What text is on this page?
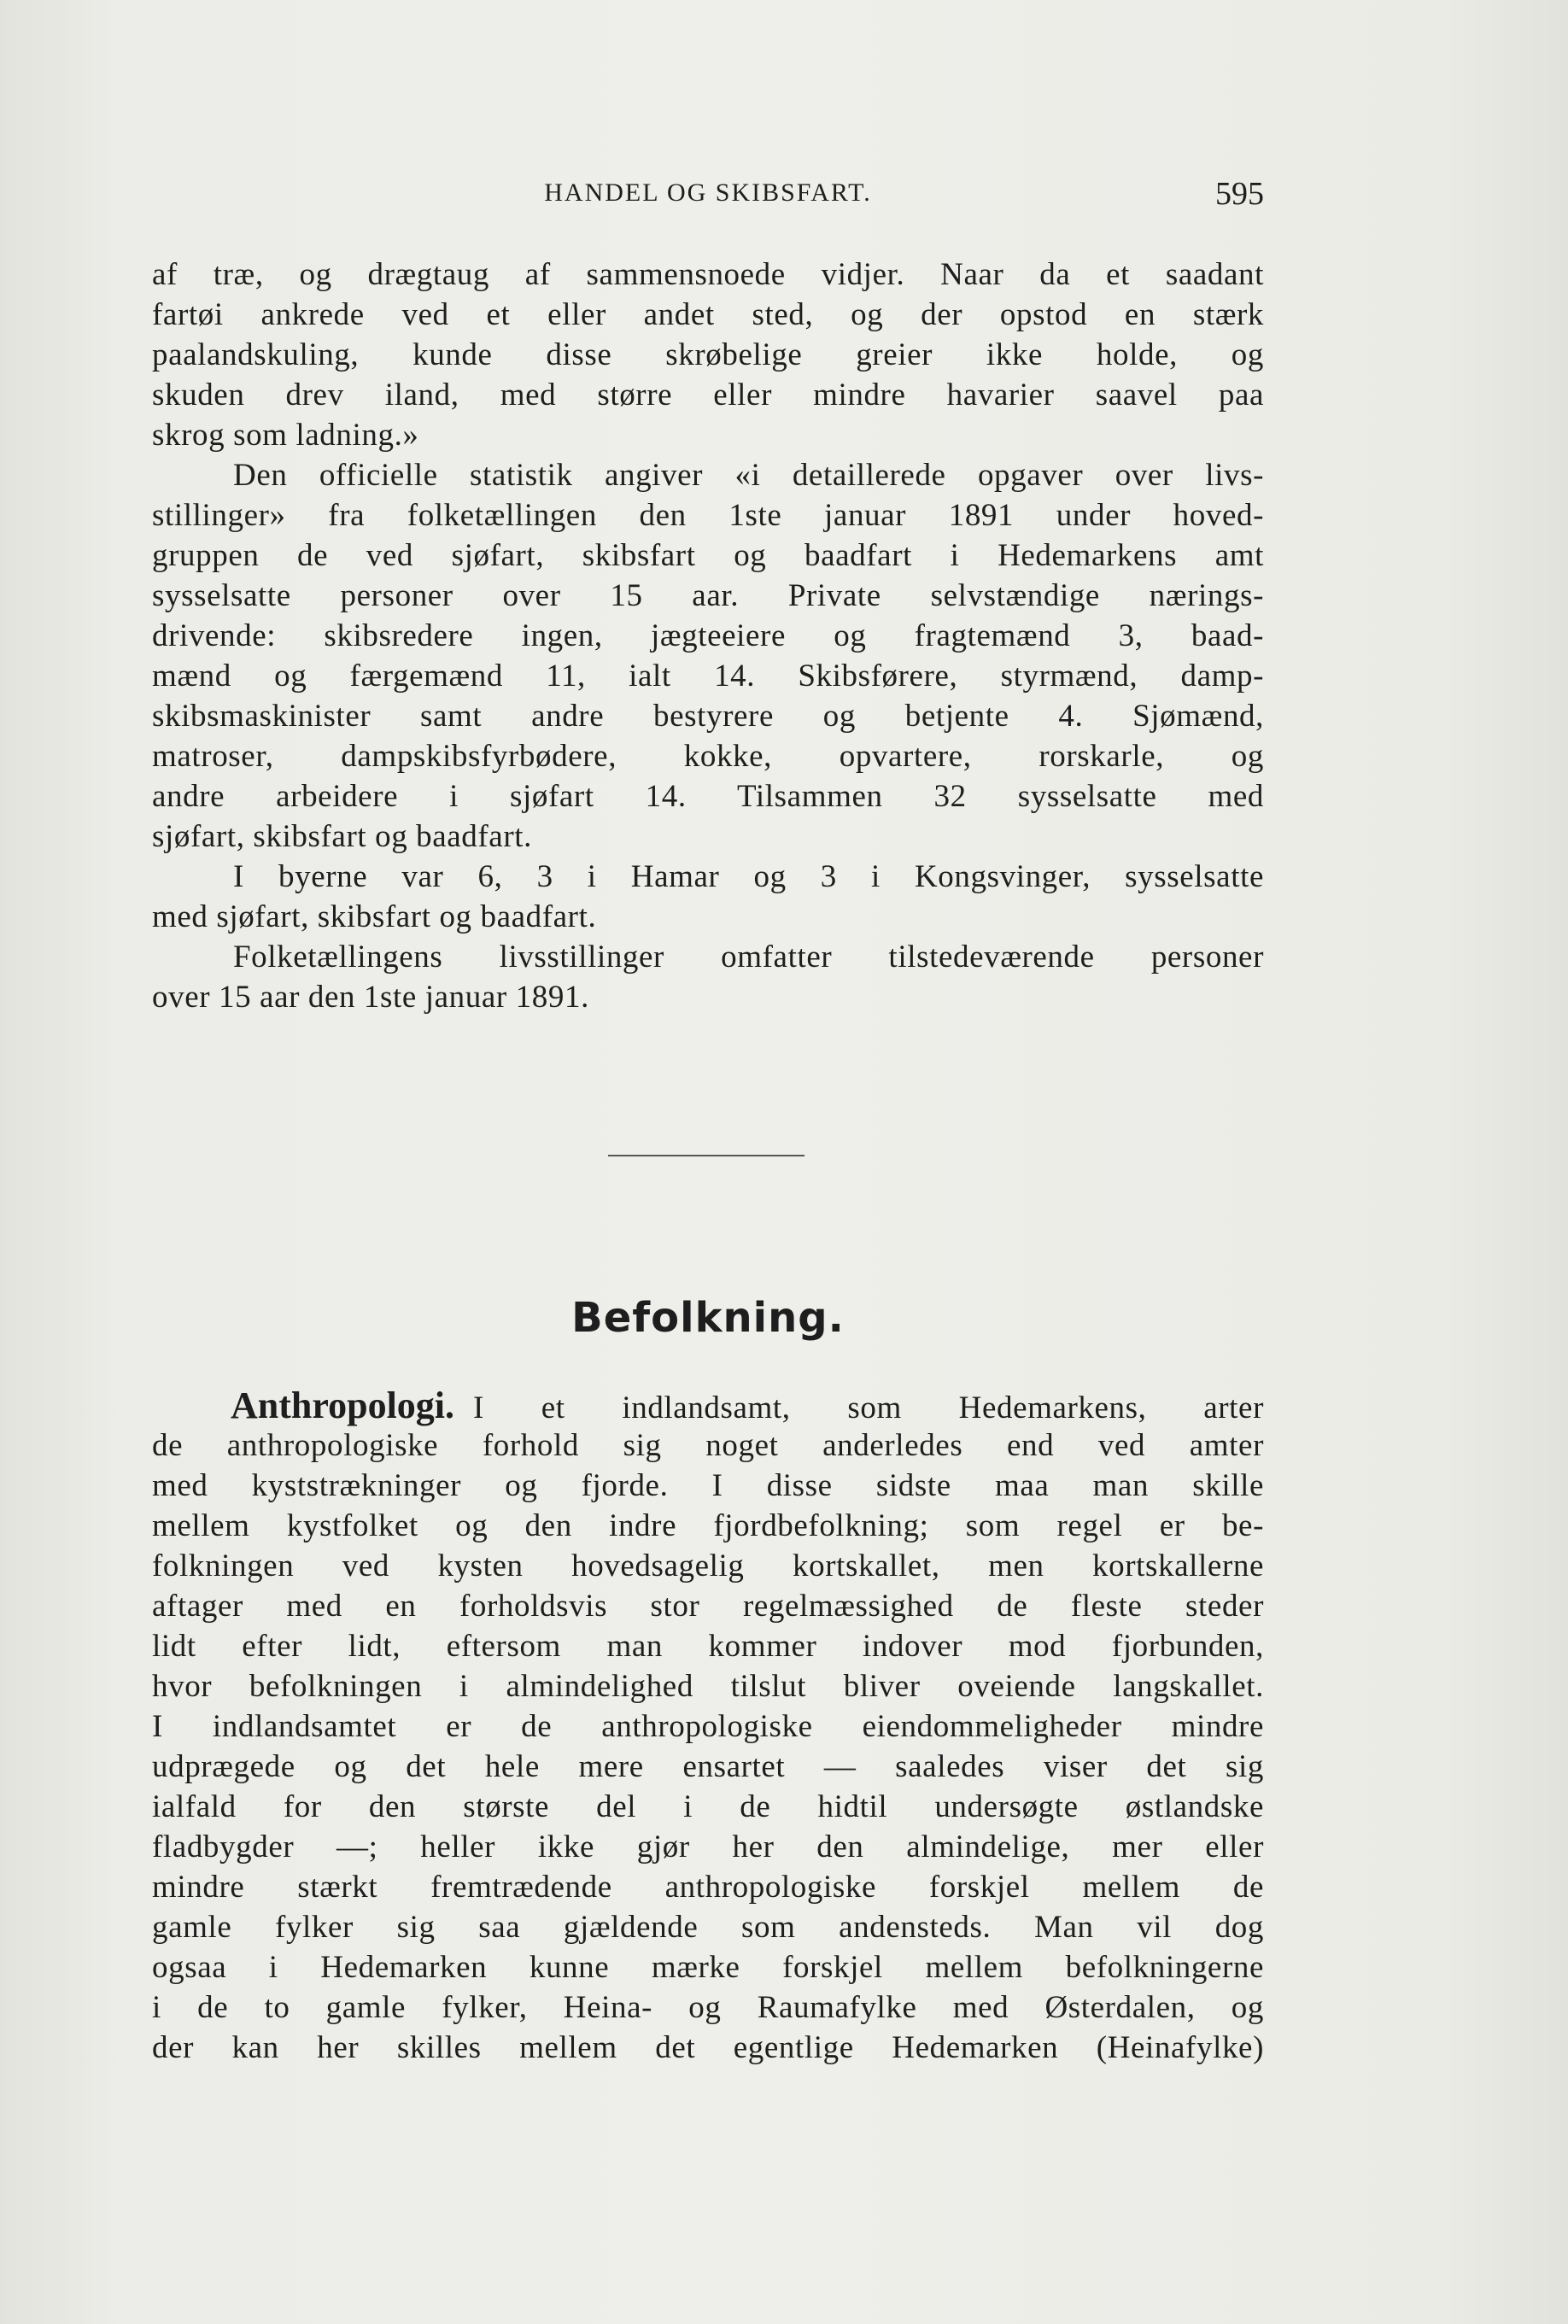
HANDEL OG SKIBSFART.	595
af træ, og drægtaug af sammensnoede vidjer. Naar da et saadant
fartøi ankrede ved et eller andet sted, og der opstod en stærk
paalandskuling, kunde disse skrøbelige greier ikke holde, og
skuden drev iland, med større eller mindre havarier saavel paa
skrog som ladning.»
Den officielle statistik angiver «i detaillerede opgaver over livs-
stillinger» fra folketællingen den 1ste januar 1891 under hoved-
gruppen de ved sjøfart, skibsfart og baadfart i Hedemarkens amt
sysselsatte personer over 15 aar. Private selvstændige nærings-
drivende: skibsredere ingen, jægteeiere og fragtemænd 3, baad-
mænd og færgemænd 11, ialt 14. Skibsførere, styrmænd, damp-
skibsmaskinister samt andre bestyrere og betjente 4. Sjømænd,
matroser, dampskibsfyrbødere, kokke, opvartere, rorskarle, og
andre arbeidere i sjøfart 14. Tilsammen 32 sysselsatte med
sjøfart, skibsfart og baadfart.
I byerne var 6, 3 i Hamar og 3 i Kongsvinger, sysselsatte
med sjøfart, skibsfart og baadfart.
Folketællingens livsstillinger omfatter tilstedeværende personer
over 15 aar den 1ste januar 1891.
Befolkning.
Anthropologi. I et indlandsamt, som Hedemarkens, arter
de anthropologiske forhold sig noget anderledes end ved amter
med kyststrækninger og fjorde. I disse sidste maa man skille
mellem kystfolket og den indre fjordbefolkning; som regel er be-
folkningen ved kysten hovedsagelig kortskallet, men kortskallerne
aftager med en forholdsvis stor regelmæssighed de fleste steder
lidt efter lidt, eftersom man kommer indover mod fjorbunden,
hvor befolkningen i almindelighed tilslut bliver oveiende langskallet.
I indlandsamtet er de anthropologiske eiendommeligheder mindre
udprægede og det hele mere ensartet — saaledes viser det sig
ialfald for den største del i de hidtil undersøgte østlandske
fladbygder —; heller ikke gjør her den almindelige, mer eller
mindre stærkt fremtrædende anthropologiske forskjel mellem de
gamle fylker sig saa gjældende som andensteds. Man vil dog
ogsaa i Hedemarken kunne mærke forskjel mellem befolkningerne
i de to gamle fylker, Heina- og Raumafylke med Østerdalen, og
der kan her skilles mellem det egentlige Hedemarken (Heinafylke)
